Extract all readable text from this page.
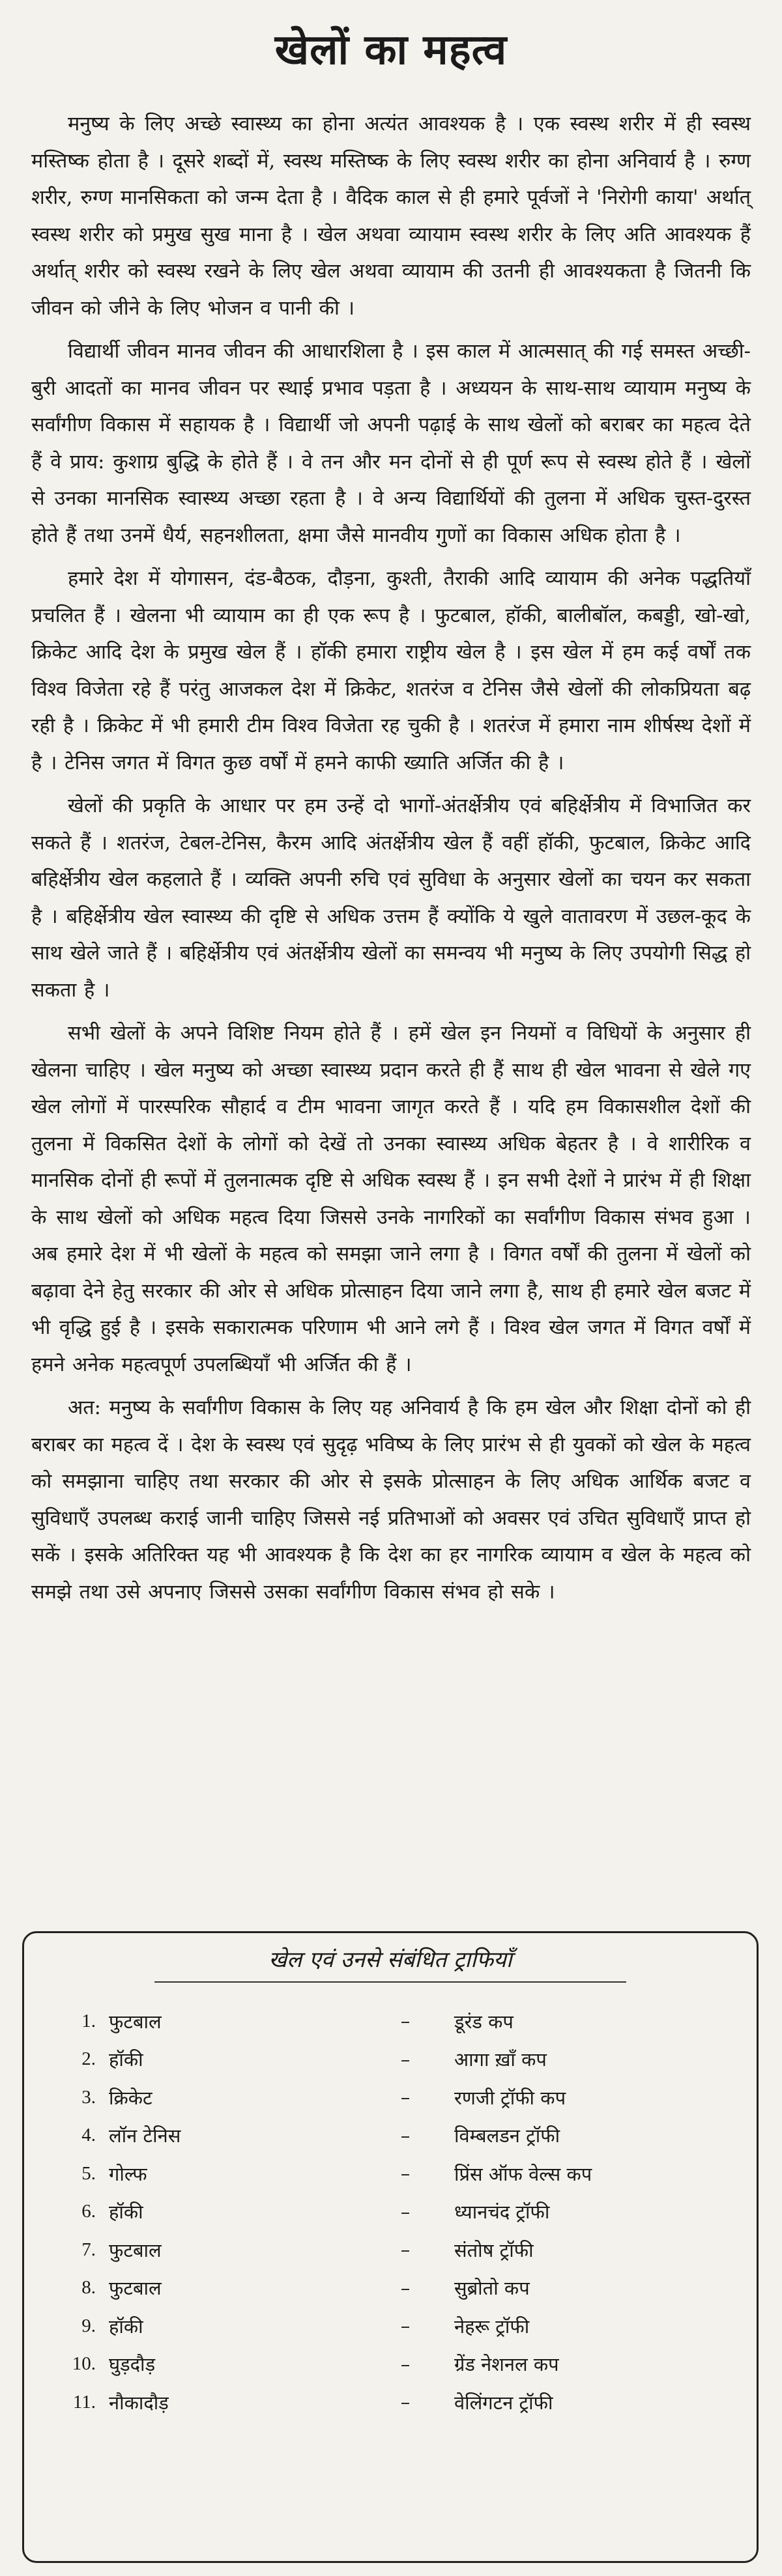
खेलों का महत्व

मनुष्य के लिए अच्छे स्वास्थ्य का होना अत्यंत आवश्यक है । एक स्वस्थ शरीर में ही स्वस्थ मस्तिष्क होता है । दूसरे शब्दों में, स्वस्थ मस्तिष्क के लिए स्वस्थ शरीर का होना अनिवार्य है । रुग्ण शरीर, रुग्ण मानसिकता को जन्म देता है । वैदिक काल से ही हमारे पूर्वजों ने 'निरोगी काया' अर्थात् स्वस्थ शरीर को प्रमुख सुख माना है । खेल अथवा व्यायाम स्वस्थ शरीर के लिए अति आवश्यक हैं अर्थात् शरीर को स्वस्थ रखने के लिए खेल अथवा व्यायाम की उतनी ही आवश्यकता है जितनी कि जीवन को जीने के लिए भोजन व पानी की ।

विद्यार्थी जीवन मानव जीवन की आधारशिला है । इस काल में आत्मसात् की गई समस्त अच्छी-बुरी आदतों का मानव जीवन पर स्थाई प्रभाव पड़ता है । अध्ययन के साथ-साथ व्यायाम मनुष्य के सर्वांगीण विकास में सहायक है । विद्यार्थी जो अपनी पढ़ाई के साथ खेलों को बराबर का महत्व देते हैं वे प्राय: कुशाग्र बुद्धि के होते हैं । वे तन और मन दोनों से ही पूर्ण रूप से स्वस्थ होते हैं । खेलों से उनका मानसिक स्वास्थ्य अच्छा रहता है । वे अन्य विद्यार्थियों की तुलना में अधिक चुस्त-दुरस्त होते हैं तथा उनमें धैर्य, सहनशीलता, क्षमा जैसे मानवीय गुणों का विकास अधिक होता है ।

हमारे देश में योगासन, दंड-बैठक, दौड़ना, कुश्ती, तैराकी आदि व्यायाम की अनेक पद्धतियाँ प्रचलित हैं । खेलना भी व्यायाम का ही एक रूप है । फुटबाल, हॉकी, बालीबॉल, कबड्डी, खो-खो, क्रिकेट आदि देश के प्रमुख खेल हैं । हॉकी हमारा राष्ट्रीय खेल है । इस खेल में हम कई वर्षों तक विश्व विजेता रहे हैं परंतु आजकल देश में क्रिकेट, शतरंज व टेनिस जैसे खेलों की लोकप्रियता बढ़ रही है । क्रिकेट में भी हमारी टीम विश्व विजेता रह चुकी है । शतरंज में हमारा नाम शीर्षस्थ देशों में है । टेनिस जगत में विगत कुछ वर्षों में हमने काफी ख्याति अर्जित की है ।

खेलों की प्रकृति के आधार पर हम उन्हें दो भागों-अंतर्क्षेत्रीय एवं बहिर्क्षेत्रीय में विभाजित कर सकते हैं । शतरंज, टेबल-टेनिस, कैरम आदि अंतर्क्षेत्रीय खेल हैं वहीं हॉकी, फुटबाल, क्रिकेट आदि बहिर्क्षेत्रीय खेल कहलाते हैं । व्यक्ति अपनी रुचि एवं सुविधा के अनुसार खेलों का चयन कर सकता है । बहिर्क्षेत्रीय खेल स्वास्थ्य की दृष्टि से अधिक उत्तम हैं क्योंकि ये खुले वातावरण में उछल-कूद के साथ खेले जाते हैं । बहिर्क्षेत्रीय एवं अंतर्क्षेत्रीय खेलों का समन्वय भी मनुष्य के लिए उपयोगी सिद्ध हो सकता है ।

सभी खेलों के अपने विशिष्ट नियम होते हैं । हमें खेल इन नियमों व विधियों के अनुसार ही खेलना चाहिए । खेल मनुष्य को अच्छा स्वास्थ्य प्रदान करते ही हैं साथ ही खेल भावना से खेले गए खेल लोगों में पारस्परिक सौहार्द व टीम भावना जागृत करते हैं । यदि हम विकासशील देशों की तुलना में विकसित देशों के लोगों को देखें तो उनका स्वास्थ्य अधिक बेहतर है । वे शारीरिक व मानसिक दोनों ही रूपों में तुलनात्मक दृष्टि से अधिक स्वस्थ हैं । इन सभी देशों ने प्रारंभ में ही शिक्षा के साथ खेलों को अधिक महत्व दिया जिससे उनके नागरिकों का सर्वांगीण विकास संभव हुआ । अब हमारे देश में भी खेलों के महत्व को समझा जाने लगा है । विगत वर्षों की तुलना में खेलों को बढ़ावा देने हेतु सरकार की ओर से अधिक प्रोत्साहन दिया जाने लगा है, साथ ही हमारे खेल बजट में भी वृद्धि हुई है । इसके सकारात्मक परिणाम भी आने लगे हैं । विश्व खेल जगत में विगत वर्षों में हमने अनेक महत्वपूर्ण उपलब्धियाँ भी अर्जित की हैं ।

अत: मनुष्य के सर्वांगीण विकास के लिए यह अनिवार्य है कि हम खेल और शिक्षा दोनों को ही बराबर का महत्व दें । देश के स्वस्थ एवं सुदृढ़ भविष्य के लिए प्रारंभ से ही युवकों को खेल के महत्व को समझाना चाहिए तथा सरकार की ओर से इसके प्रोत्साहन के लिए अधिक आर्थिक बजट व सुविधाएँ उपलब्ध कराई जानी चाहिए जिससे नई प्रतिभाओं को अवसर एवं उचित सुविधाएँ प्राप्त हो सकें । इसके अतिरिक्त यह भी आवश्यक है कि देश का हर नागरिक व्यायाम व खेल के महत्व को समझे तथा उसे अपनाए जिससे उसका सर्वांगीण विकास संभव हो सके ।

खेल एवं उनसे संबंधित ट्राफियाँ
1. फुटबाल	–	डूरंड कप
2. हॉकी	–	आगा ख़ाँ कप
3. क्रिकेट	–	रणजी ट्रॉफी कप
4. लॉन टेनिस	–	विम्बलडन ट्रॉफी
5. गोल्फ	–	प्रिंस ऑफ वेल्स कप
6. हॉकी	–	ध्यानचंद ट्रॉफी
7. फुटबाल	–	संतोष ट्रॉफी
8. फुटबाल	–	सुब्रोतो कप
9. हॉकी	–	नेहरू ट्रॉफी
10. घुड़दौड़	–	ग्रेंड नेशनल कप
11. नौकादौड़	–	वेलिंगटन ट्रॉफी
